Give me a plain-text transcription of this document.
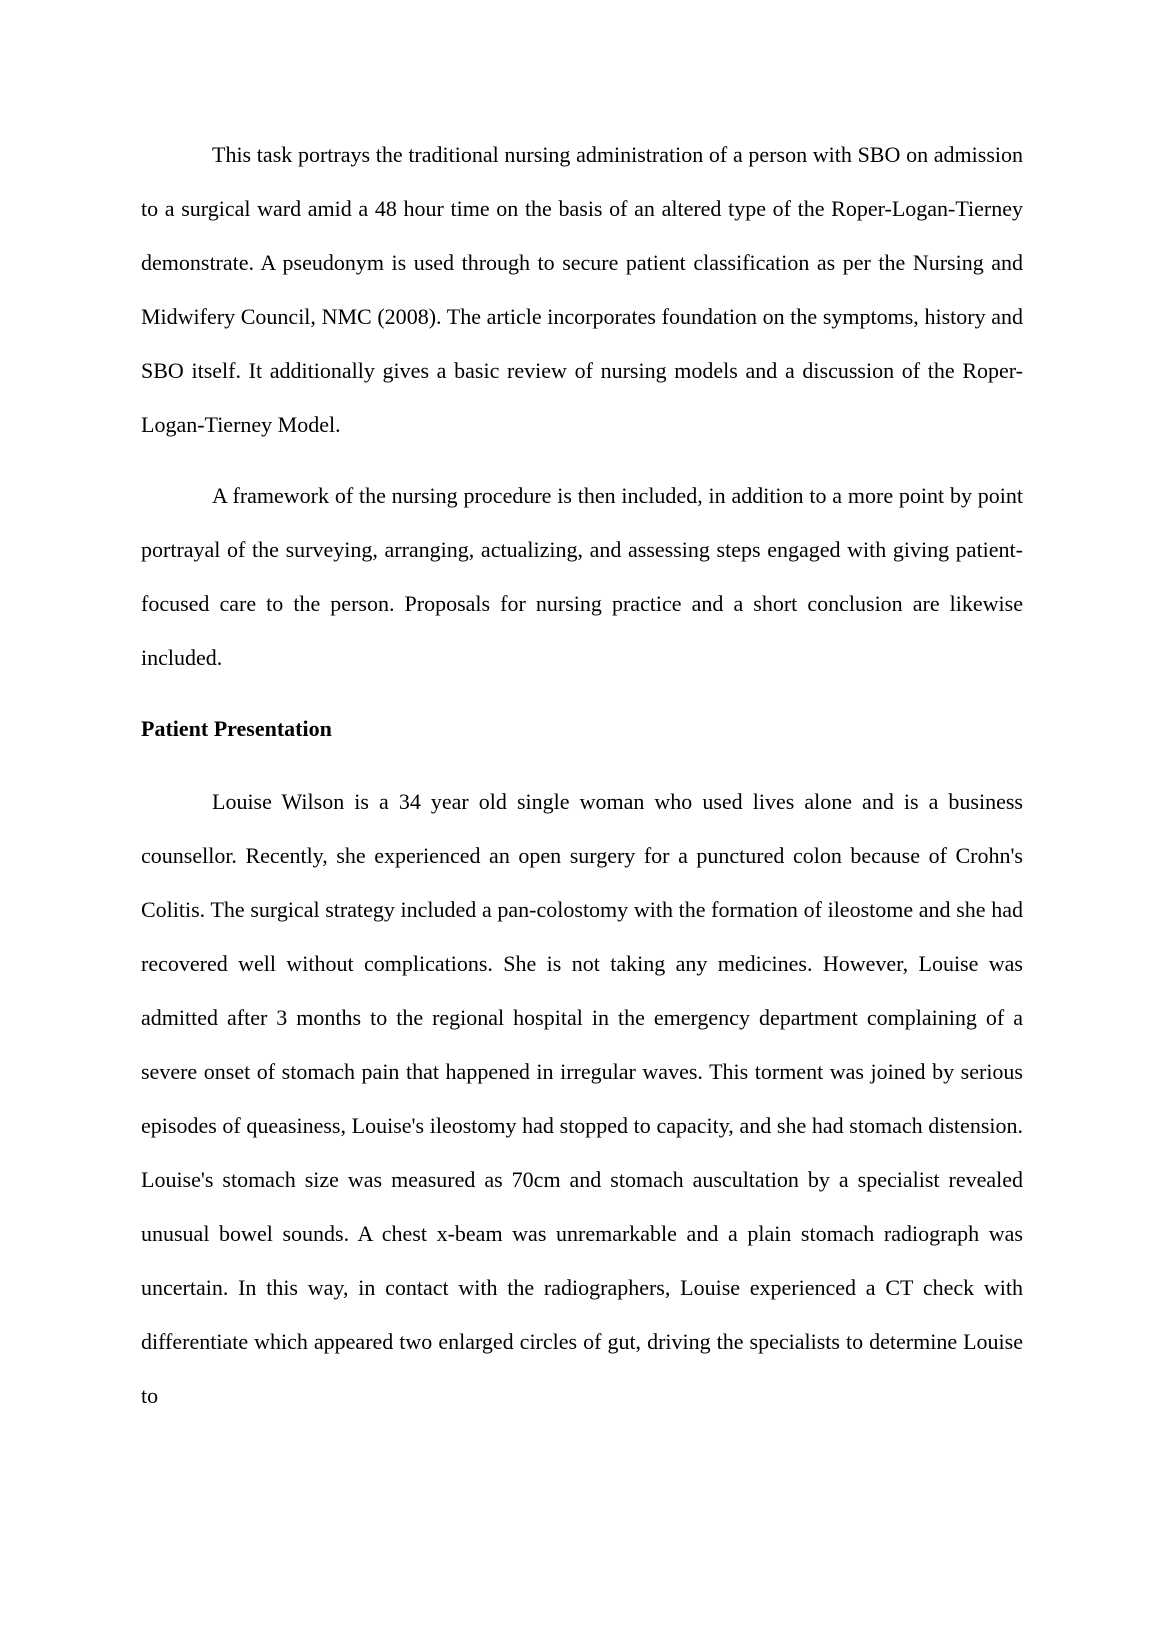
This task portrays the traditional nursing administration of a person with SBO on admission to a surgical ward amid a 48 hour time on the basis of an altered type of the Roper-Logan-Tierney demonstrate. A pseudonym is used through to secure patient classification as per the Nursing and Midwifery Council, NMC (2008). The article incorporates foundation on the symptoms, history and SBO itself. It additionally gives a basic review of nursing models and a discussion of the Roper-Logan-Tierney Model.

A framework of the nursing procedure is then included, in addition to a more point by point portrayal of the surveying, arranging, actualizing, and assessing steps engaged with giving patient-focused care to the person. Proposals for nursing practice and a short conclusion are likewise included.

Patient Presentation

Louise Wilson is a 34 year old single woman who used lives alone and is a business counsellor. Recently, she experienced an open surgery for a punctured colon because of Crohn's Colitis. The surgical strategy included a pan-colostomy with the formation of ileostome and she had recovered well without complications. She is not taking any medicines. However, Louise was admitted after 3 months to the regional hospital in the emergency department complaining of a severe onset of stomach pain that happened in irregular waves. This torment was joined by serious episodes of queasiness, Louise's ileostomy had stopped to capacity, and she had stomach distension. Louise's stomach size was measured as 70cm and stomach auscultation by a specialist revealed unusual bowel sounds. A chest x-beam was unremarkable and a plain stomach radiograph was uncertain. In this way, in contact with the radiographers, Louise experienced a CT check with differentiate which appeared two enlarged circles of gut, driving the specialists to determine Louise to
